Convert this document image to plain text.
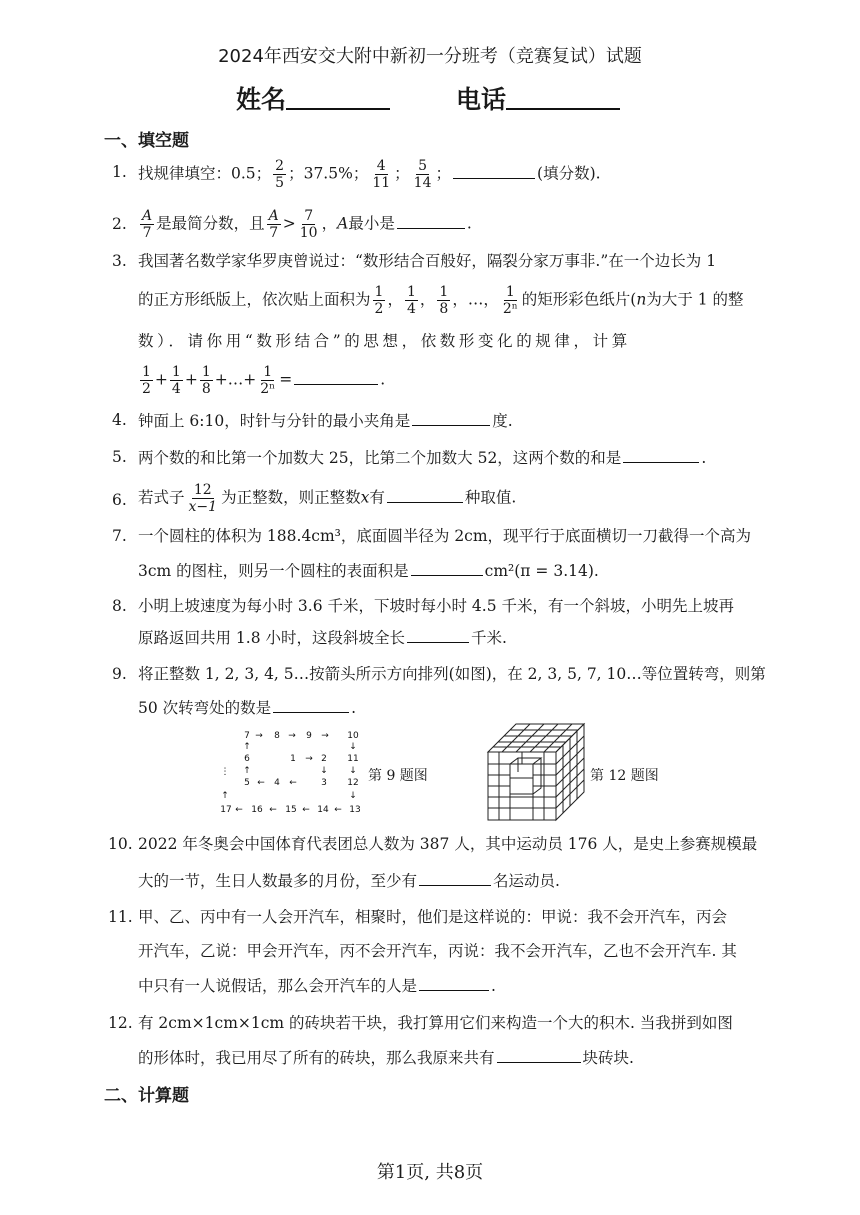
2024年西安交大附中新初一分班考（竞赛复试）试题
姓名	电话
一、填空题
1. 找规律填空：0.5； $\frac{2}{5}$ ；37.5%； $\frac{4}{11}$ ； $\frac{5}{14}$ ；	(填分数).
2. $\frac{A}{7}$ 是最简分数，且 $\frac{A}{7} > \frac{7}{10}$ ，A最小是	.
3. 我国著名数学家华罗庚曾说过：“数形结合百般好，隔裂分家万事非.”在一个边长为 1
的正方形纸版上，依次贴上面积为 $\frac{1}{2}$ ， $\frac{1}{4}$ ， $\frac{1}{8}$ ，…， $\frac{1}{\text{2ⁿ}}$ 的矩形彩色纸片(n为大于 1 的整
数）．请你用“数形结合”的思想，依数形变化的规律，计算
$\frac{1}{2} + \frac{1}{4} + \frac{1}{8}$ +…+ $\frac{1}{\text{2ⁿ}}$ =	.
4. 钟面上 6:10，时针与分针的最小夹角是	度.
5. 两个数的和比第一个加数大 25，比第二个加数大 52，这两个数的和是	.
6. 若式子 $\frac{12}{x-1}$ 为正整数，则正整数x有	种取值.
7. 一个圆柱的体积为 188.4cm³，底面圆半径为 2cm，现平行于底面横切一刀截得一个高为
3cm 的图柱，则另一个圆柱的表面积是	cm²(π = 3.14).
8. 小明上坡速度为每小时 3.6 千米，下坡时每小时 4.5 千米，有一个斜坡，小明先上坡再
原路返回共用 1.8 小时，这段斜坡全长	千米.
9. 将正整数 1, 2, 3, 4, 5…按箭头所示方向排列(如图)，在 2, 3, 5, 7, 10…等位置转弯，则第
50 次转弯处的数是	.
7 → 8 → 9 → 10
↑	↓
6	1 → 2 11
⋮ ↑	↓ ↓
5 ← 4 ←	3 12
↑	↓
17 ← 16 ← 15 ← 14 ← 13
第 9 题图	第 12 题图
10. 2022 年冬奥会中国体育代表团总人数为 387 人，其中运动员 176 人，是史上参赛规模最
大的一节，生日人数最多的月份，至少有	名运动员.
11. 甲、乙、丙中有一人会开汽车，相聚时，他们是这样说的：甲说：我不会开汽车，丙会
开汽车，乙说：甲会开汽车，丙不会开汽车，丙说：我不会开汽车，乙也不会开汽车. 其
中只有一人说假话，那么会开汽车的人是	.
12. 有 2cm×1cm×1cm 的砖块若干块，我打算用它们来构造一个大的积木. 当我拼到如图
的形体时，我已用尽了所有的砖块，那么我原来共有	块砖块.
二、计算题
第1页, 共8页
